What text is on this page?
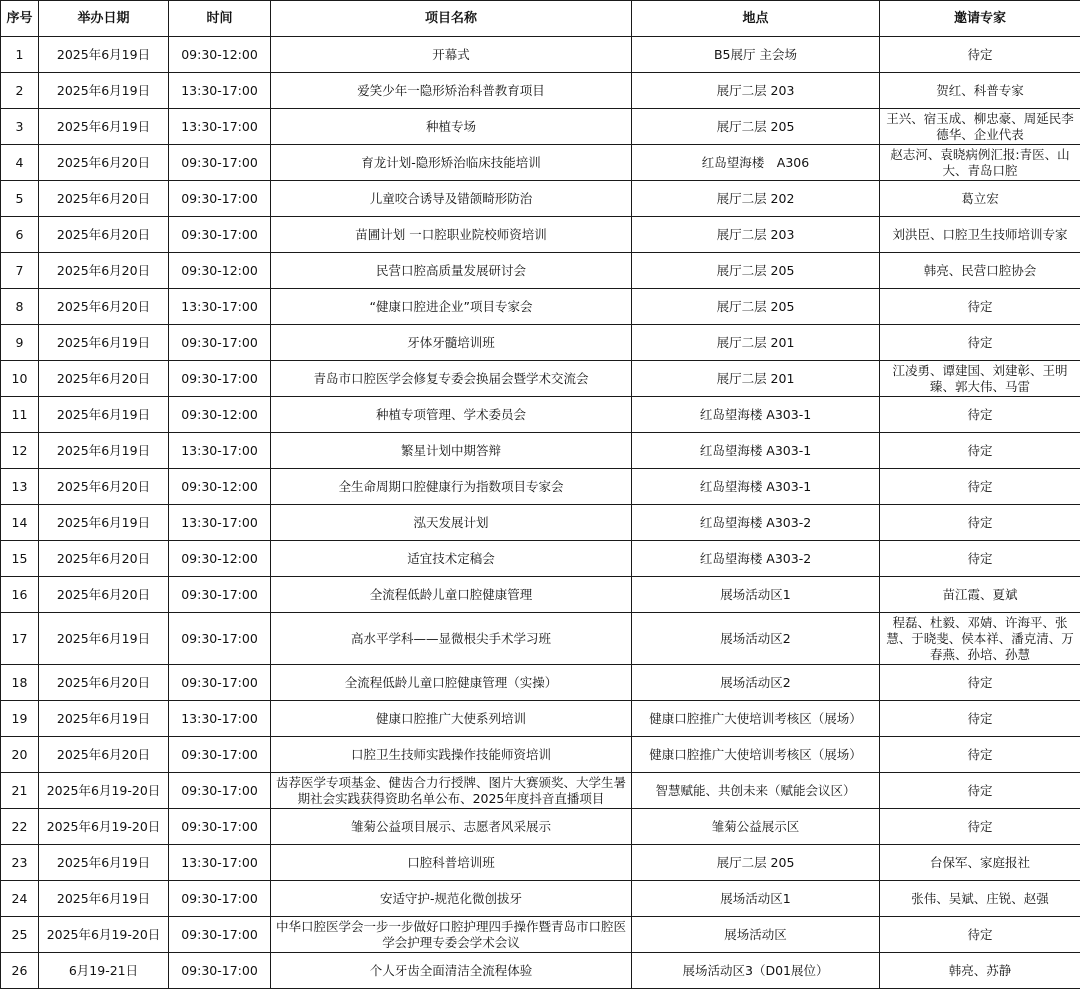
序号	举办日期	时间	项目名称	地点	邀请专家
1	2025年6月19日	09:30-12:00	开幕式	B5展厅 主会场	待定
2	2025年6月19日	13:30-17:00	爱笑少年一隐形矫治科普教育项目	展厅二层 203	贺红、科普专家
3	2025年6月19日	13:30-17:00	种植专场	展厅二层 205	王兴、宿玉成、柳忠豪、周延民李德华、企业代表
4	2025年6月20日	09:30-17:00	育龙计划-隐形矫治临床技能培训	红岛望海楼　A306	赵志河、袁晓病例汇报:青医、山大、青岛口腔
5	2025年6月20日	09:30-17:00	儿童咬合诱导及错颌畸形防治	展厅二层 202	葛立宏
6	2025年6月20日	09:30-17:00	苗圃计划 一口腔职业院校师资培训	展厅二层 203	刘洪臣、口腔卫生技师培训专家
7	2025年6月20日	09:30-12:00	民营口腔高质量发展研讨会	展厅二层 205	韩亮、民营口腔协会
8	2025年6月20日	13:30-17:00	“健康口腔进企业”项目专家会	展厅二层 205	待定
9	2025年6月19日	09:30-17:00	牙体牙髓培训班	展厅二层 201	待定
10	2025年6月20日	09:30-17:00	青岛市口腔医学会修复专委会换届会暨学术交流会	展厅二层 201	江凌勇、谭建国、刘建彰、王明臻、郭大伟、马雷
11	2025年6月19日	09:30-12:00	种植专项管理、学术委员会	红岛望海楼 A303-1	待定
12	2025年6月19日	13:30-17:00	繁星计划中期答辩	红岛望海楼 A303-1	待定
13	2025年6月20日	09:30-12:00	全生命周期口腔健康行为指数项目专家会	红岛望海楼 A303-1	待定
14	2025年6月19日	13:30-17:00	泓天发展计划	红岛望海楼 A303-2	待定
15	2025年6月20日	09:30-12:00	适宜技术定稿会	红岛望海楼 A303-2	待定
16	2025年6月20日	09:30-17:00	全流程低龄儿童口腔健康管理	展场活动区1	苗江霞、夏斌
17	2025年6月19日	09:30-17:00	高水平学科——显微根尖手术学习班	展场活动区2	程磊、杜毅、邓婧、许海平、张慧、于晓斐、侯本祥、潘克清、万春燕、孙培、孙慧
18	2025年6月20日	09:30-17:00	全流程低龄儿童口腔健康管理（实操）	展场活动区2	待定
19	2025年6月19日	13:30-17:00	健康口腔推广大使系列培训	健康口腔推广大使培训考核区（展场）	待定
20	2025年6月20日	09:30-17:00	口腔卫生技师实践操作技能师资培训	健康口腔推广大使培训考核区（展场）	待定
21	2025年6月19-20日	09:30-17:00	齿荐医学专项基金、健齿合力行授牌、图片大赛颁奖、大学生暑期社会实践获得资助名单公布、2025年度抖音直播项目	智慧赋能、共创未来（赋能会议区）	待定
22	2025年6月19-20日	09:30-17:00	雏菊公益项目展示、志愿者风采展示	雏菊公益展示区	待定
23	2025年6月19日	13:30-17:00	口腔科普培训班	展厅二层 205	台保军、家庭报社
24	2025年6月19日	09:30-17:00	安适守护-规范化微创拔牙	展场活动区1	张伟、吴斌、庄锐、赵强
25	2025年6月19-20日	09:30-17:00	中华口腔医学会一步一步做好口腔护理四手操作暨青岛市口腔医学会护理专委会学术会议	展场活动区	待定
26	6月19-21日	09:30-17:00	个人牙齿全面清洁全流程体验	展场活动区3（D01展位）	韩亮、苏静
